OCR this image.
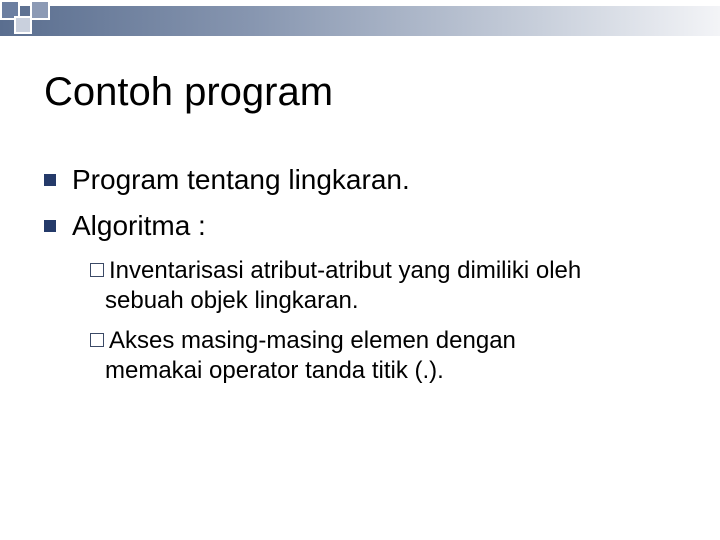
Contoh program

Program tentang lingkaran.

Algoritma :

Inventarisasi atribut-atribut yang dimiliki oleh
sebuah objek lingkaran.

Akses masing-masing elemen dengan
memakai operator tanda titik (.).
